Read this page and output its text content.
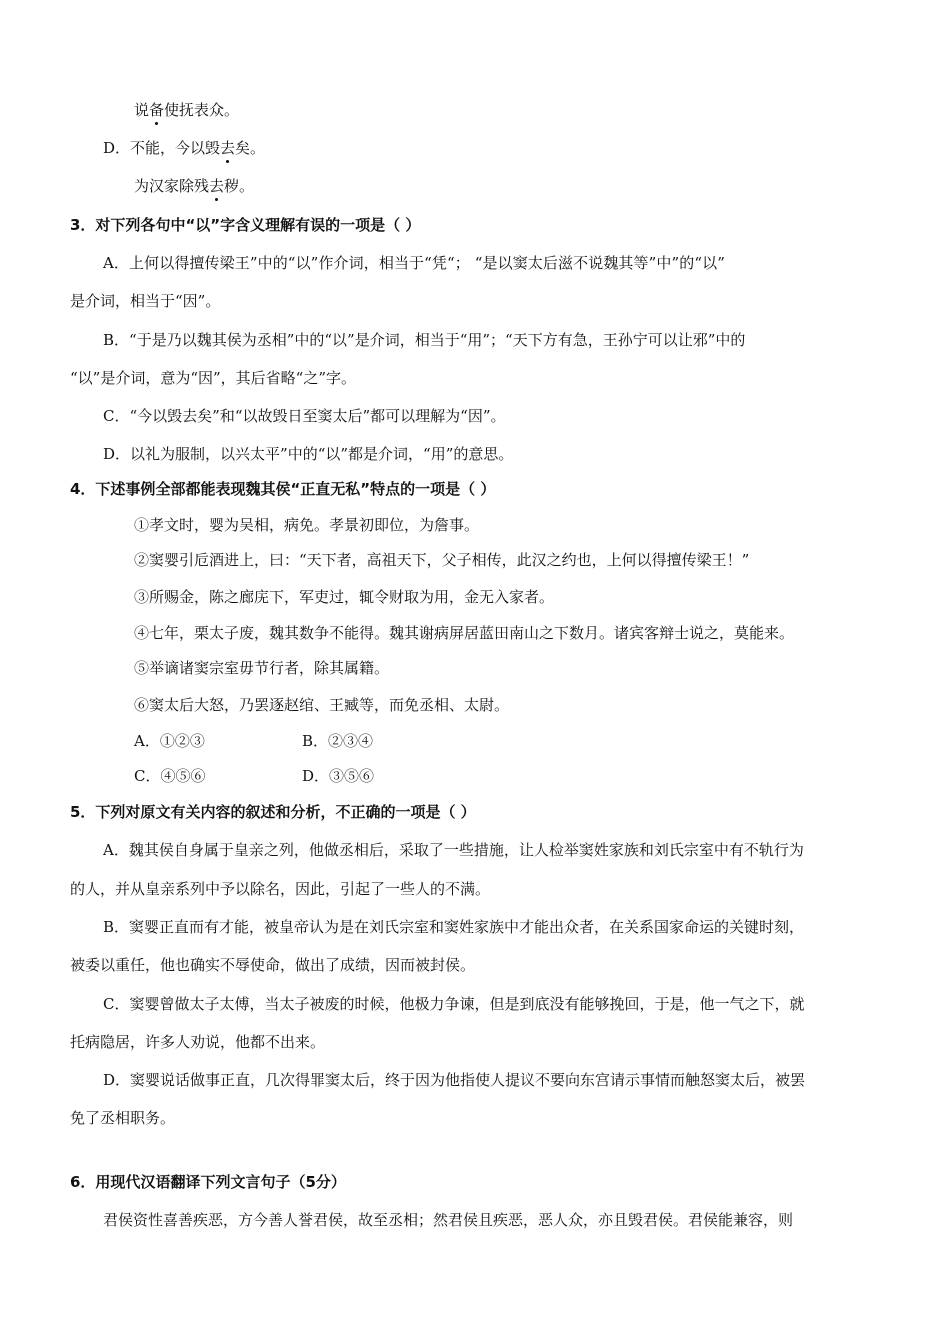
说备使抚表众。
D．不能，今以毁去矣。
为汉家除残去秽。
3．对下列各句中“以”字含义理解有误的一项是（ ）
A．上何以得擅传梁王”中的“以”作介词，相当于“凭“； “是以窦太后滋不说魏其等”中”的“以”
是介词，相当于“因”。
B．“于是乃以魏其侯为丞相”中的“以”是介词，相当于“用”；“天下方有急，王孙宁可以让邪”中的
“以”是介词，意为“因”，其后省略“之”字。
C．“今以毁去矣”和“以故毁日至窦太后”都可以理解为“因”。
D．以礼为服制，以兴太平”中的“以”都是介词，“用”的意思。
4．下述事例全部都能表现魏其侯“正直无私”特点的一项是（ ）
①孝文时，婴为吴相，病免。孝景初即位，为詹事。
②窦婴引卮酒进上，曰：“天下者，高祖天下，父子相传，此汉之约也，上何以得擅传梁王！”
③所赐金，陈之廊庑下，军吏过，辄令财取为用，金无入家者。
④七年，栗太子废，魏其数争不能得。魏其谢病屏居蓝田南山之下数月。诸宾客辩士说之，莫能来。
⑤举谪诸窦宗室毋节行者，除其属籍。
⑥窦太后大怒，乃罢逐赵绾、王臧等，而免丞相、太尉。
A．①②③	B．②③④
C．④⑤⑥	D．③⑤⑥
5．下列对原文有关内容的叙述和分析，不正确的一项是（ ）
A．魏其侯自身属于皇亲之列，他做丞相后，采取了一些措施，让人检举窦姓家族和刘氏宗室中有不轨行为
的人，并从皇亲系列中予以除名，因此，引起了一些人的不满。
B．窦婴正直而有才能，被皇帝认为是在刘氏宗室和窦姓家族中才能出众者，在关系国家命运的关键时刻，
被委以重任，他也确实不辱使命，做出了成绩，因而被封侯。
C．窦婴曾做太子太傅，当太子被废的时候，他极力争谏，但是到底没有能够挽回，于是，他一气之下，就
托病隐居，许多人劝说，他都不出来。
D．窦婴说话做事正直，几次得罪窦太后，终于因为他指使人提议不要向东宫请示事情而触怒窦太后，被罢
免了丞相职务。
6．用现代汉语翻译下列文言句子（5分）
君侯资性喜善疾恶，方今善人誉君侯，故至丞相；然君侯且疾恶，恶人众，亦且毁君侯。君侯能兼容，则
